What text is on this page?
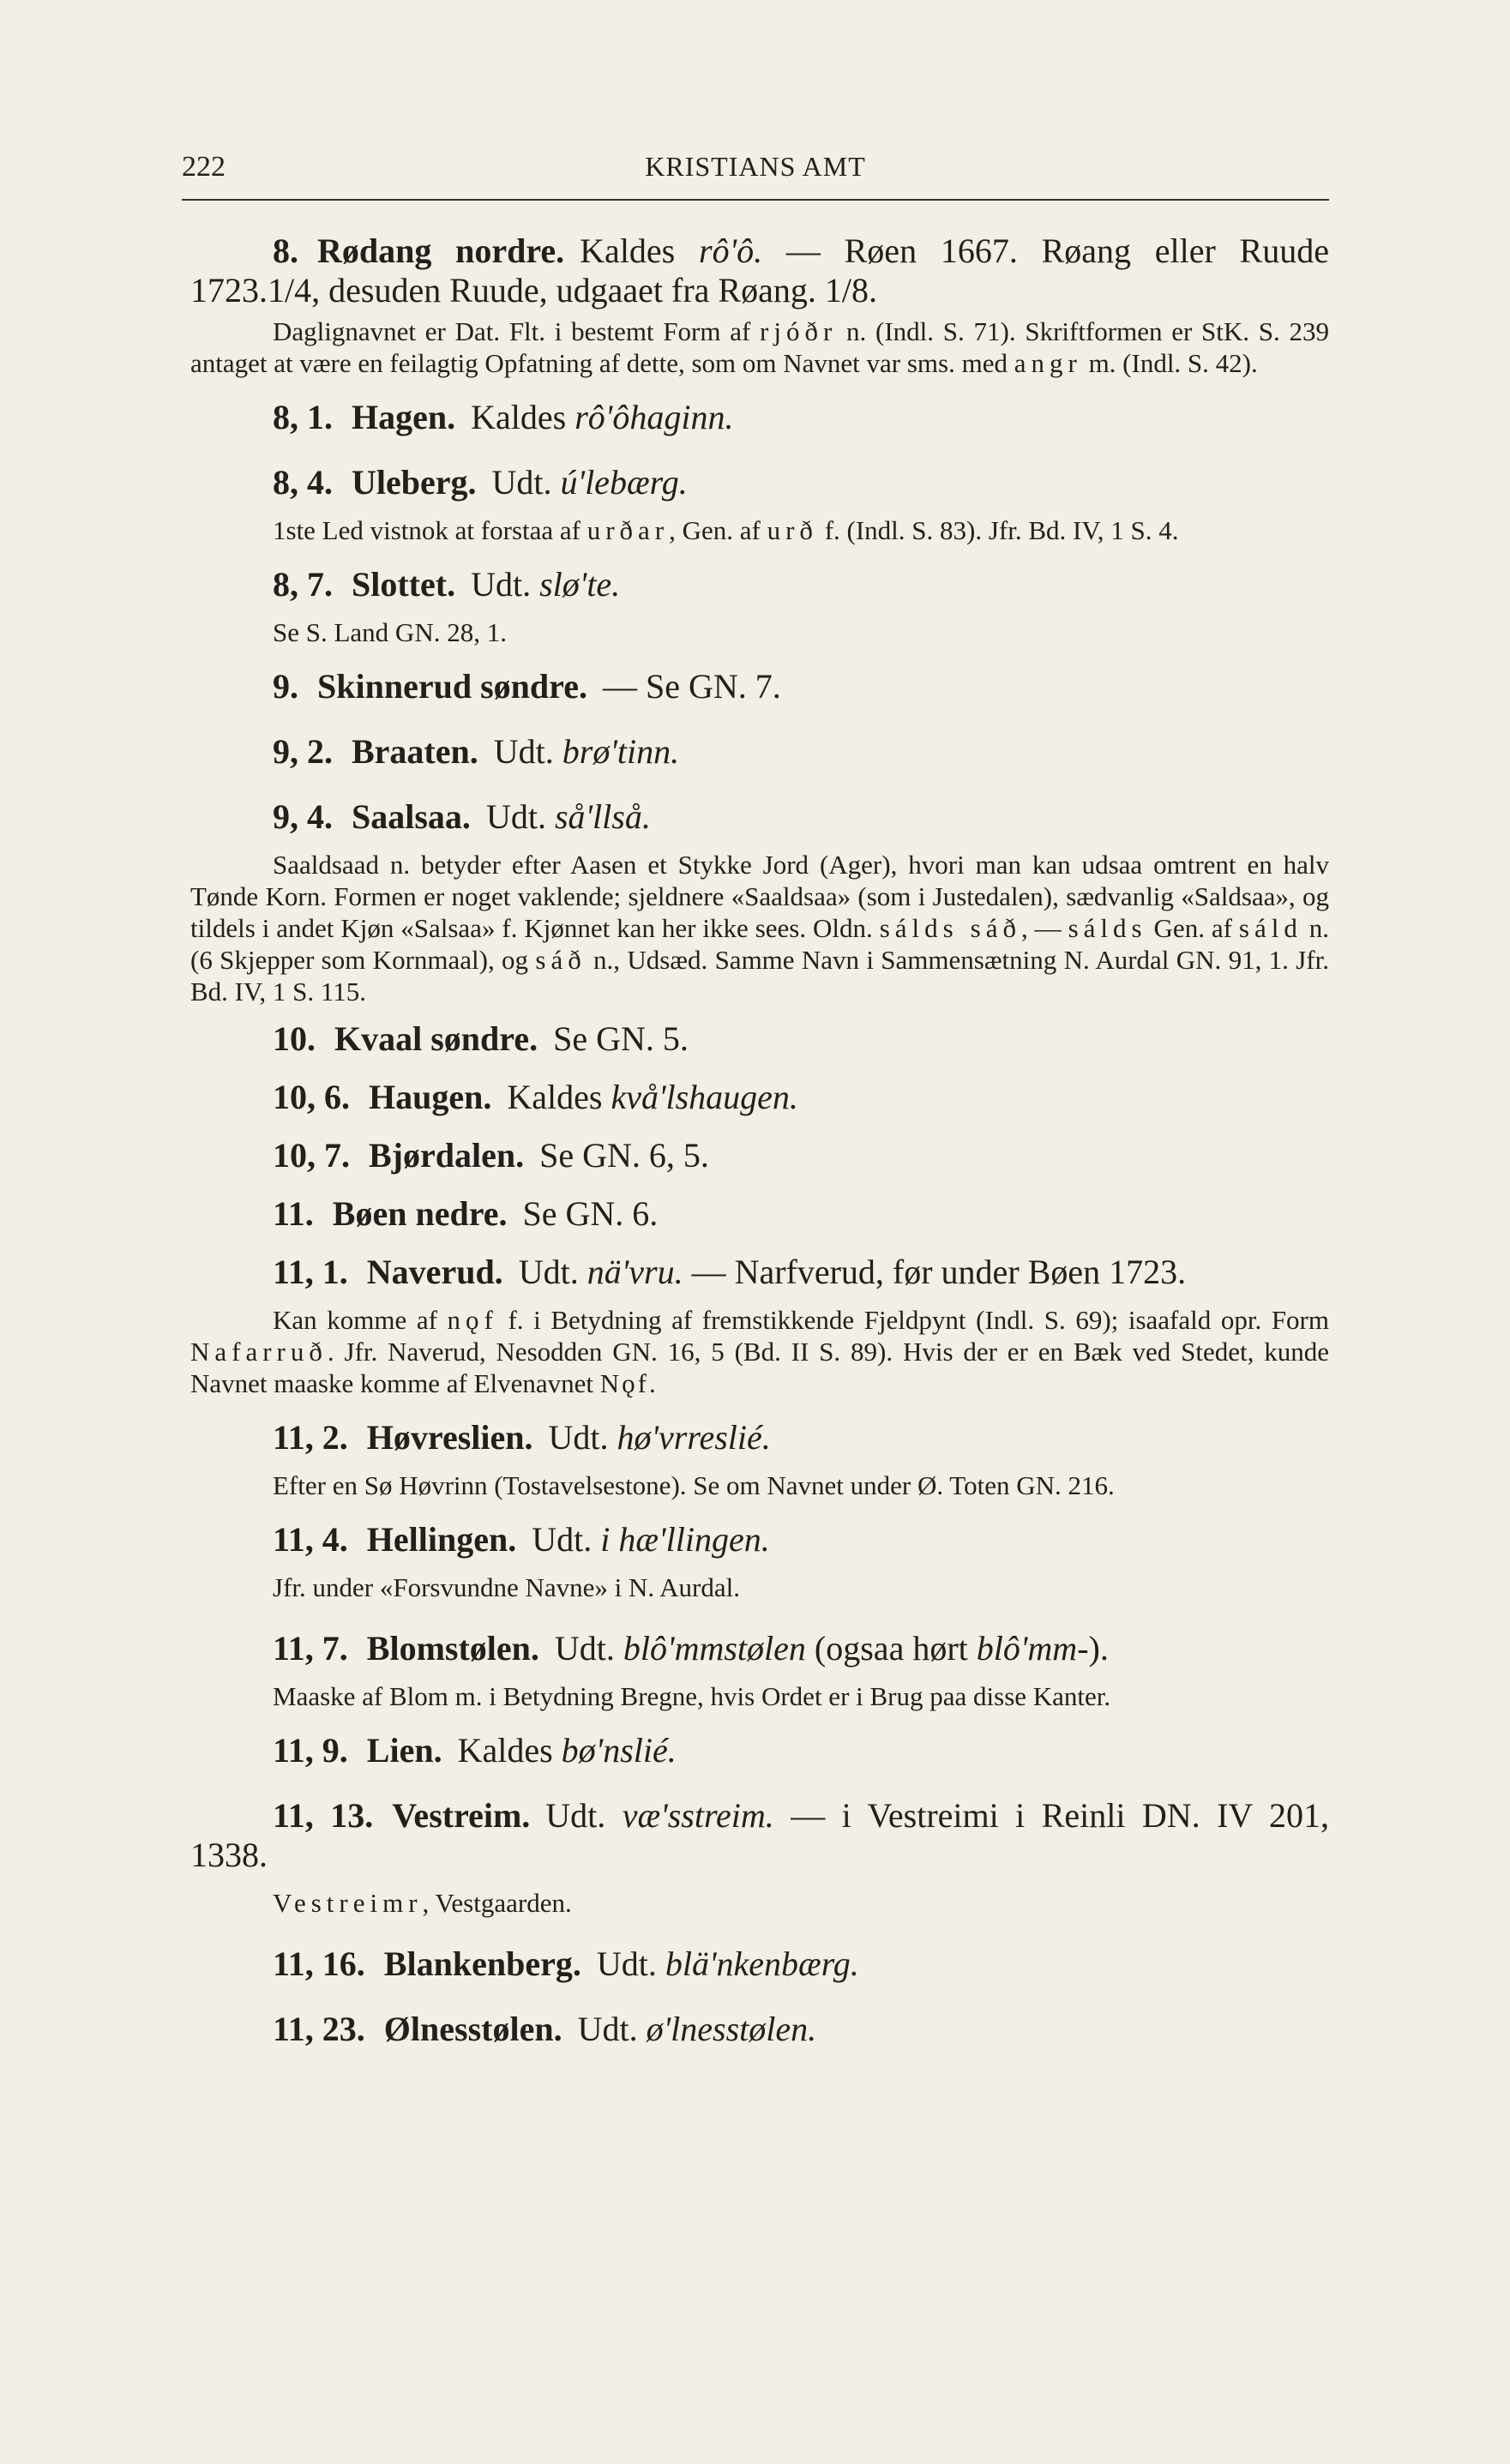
222	KRISTIANS AMT

8. Rødang nordre. Kaldes rô'ô. — Røen 1667. Røang eller Ruude 1723.1/4, desuden Ruude, udgaaet fra Røang. 1/8.

Daglignavnet er Dat. Flt. i bestemt Form af rjóðr n. (Indl. S. 71). Skriftformen er StK. S. 239 antaget at være en feilagtig Opfatning af dette, som om Navnet var sms. med angr m. (Indl. S. 42).

8, 1. Hagen. Kaldes rô'ôhaginn.

8, 4. Uleberg. Udt. ú'lebærg.

1ste Led vistnok at forstaa af urðar, Gen. af urð f. (Indl. S. 83). Jfr. Bd. IV, 1 S. 4.

8, 7. Slottet. Udt. slø'te.

Se S. Land GN. 28, 1.

9. Skinnerud søndre. — Se GN. 7.

9, 2. Braaten. Udt. brø'tinn.

9, 4. Saalsaa. Udt. så'llså.

Saaldsaad n. betyder efter Aasen et Stykke Jord (Ager), hvori man kan udsaa omtrent en halv Tønde Korn. Formen er noget vaklende; sjeldnere «Saaldsaa» (som i Justedalen), sædvanlig «Saldsaa», og tildels i andet Kjøn «Salsaa» f. Kjønnet kan her ikke sees. Oldn. sálds sáð, — sálds Gen. af sáld n. (6 Skjepper som Kornmaal), og sáð n., Udsæd. Samme Navn i Sammensætning N. Aurdal GN. 91, 1. Jfr. Bd. IV, 1 S. 115.

10. Kvaal søndre. Se GN. 5.

10, 6. Haugen. Kaldes kvå'lshaugen.

10, 7. Bjørdalen. Se GN. 6, 5.

11. Bøen nedre. Se GN. 6.

11, 1. Naverud. Udt. nä'vru. — Narfverud, før under Bøen 1723.

Kan komme af nǫf f. i Betydning af fremstikkende Fjeldpynt (Indl. S. 69); isaafald opr. Form Nafarruð. Jfr. Naverud, Nesodden GN. 16, 5 (Bd. II S. 89). Hvis der er en Bæk ved Stedet, kunde Navnet maaske komme af Elvenavnet Nǫf.

11, 2. Høvreslien. Udt. hø'vrreslié.

Efter en Sø Høvrinn (Tostavelsestone). Se om Navnet under Ø. Toten GN. 216.

11, 4. Hellingen. Udt. i hæ'llingen.

Jfr. under «Forsvundne Navne» i N. Aurdal.

11, 7. Blomstølen. Udt. blô'mmstølen (ogsaa hørt blô'mm-).

Maaske af Blom m. i Betydning Bregne, hvis Ordet er i Brug paa disse Kanter.

11, 9. Lien. Kaldes bø'nslié.

11, 13. Vestreim. Udt. væ'sstreim. — i Vestreimi i Reinli DN. IV 201, 1338.

Vestreimr, Vestgaarden.

11, 16. Blankenberg. Udt. blä'nkenbærg.

11, 23. Ølnesstølen. Udt. ø'lnesstølen.
